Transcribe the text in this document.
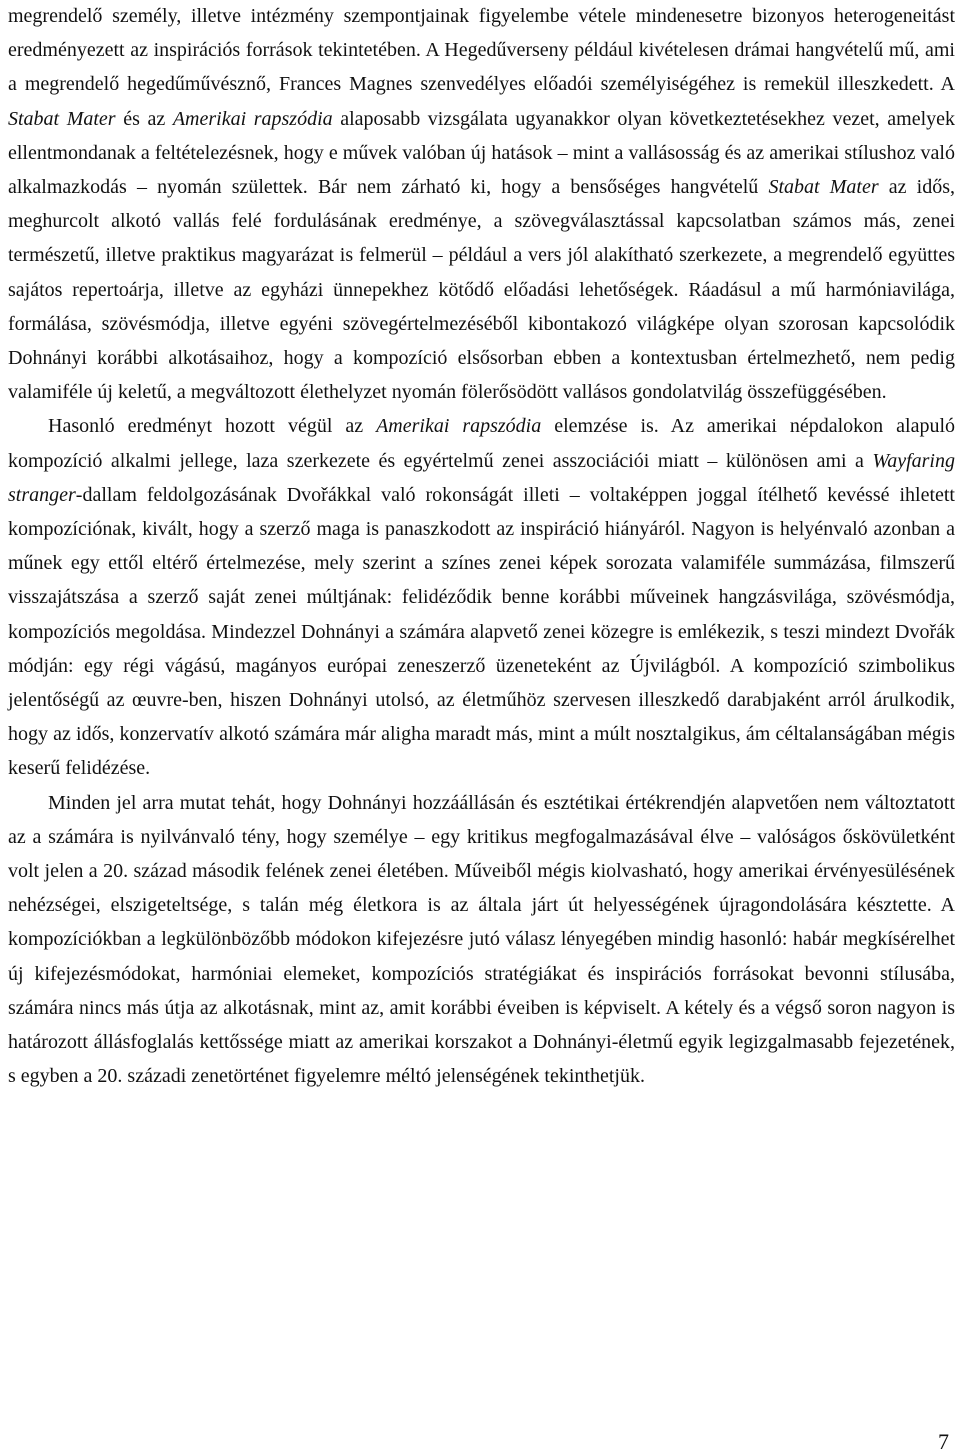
megrendelő személy, illetve intézmény szempontjainak figyelembe vétele mindenesetre bizonyos heterogeneitást eredményezett az inspirációs források tekintetében. A Hegedűverseny például kivételesen drámai hangvételű mű, ami a megrendelő hegedűművésznő, Frances Magnes szenvedélyes előadói személyiségéhez is remekül illeszkedett. A Stabat Mater és az Amerikai rapszódia alaposabb vizsgálata ugyanakkor olyan következtetésekhez vezet, amelyek ellentmondanak a feltételezésnek, hogy e művek valóban új hatások – mint a vallásosság és az amerikai stílushoz való alkalmazkodás – nyomán születtek. Bár nem zárható ki, hogy a bensőséges hangvételű Stabat Mater az idős, meghurcolt alkotó vallás felé fordulásának eredménye, a szövegválasztással kapcsolatban számos más, zenei természetű, illetve praktikus magyarázat is felmerül – például a vers jól alakítható szerkezete, a megrendelő együttes sajátos repertoárja, illetve az egyházi ünnepekhez kötődő előadási lehetőségek. Ráadásul a mű harmóniavilága, formálása, szövésmódja, illetve egyéni szövegértelmezéséből kibontakozó világképe olyan szorosan kapcsolódik Dohnányi korábbi alkotásaihoz, hogy a kompozíció elsősorban ebben a kontextusban értelmezhető, nem pedig valamiféle új keletű, a megváltozott élethelyzet nyomán fölerősödött vallásos gondolatvilág összefüggésében.

Hasonló eredményt hozott végül az Amerikai rapszódia elemzése is. Az amerikai népdalokon alapuló kompozíció alkalmi jellege, laza szerkezete és egyértelmű zenei asszociációi miatt – különösen ami a Wayfaring stranger-dallam feldolgozásának Dvořákkal való rokonságát illeti – voltaképpen joggal ítélhető kevéssé ihletett kompozíciónak, kivált, hogy a szerző maga is panaszkodott az inspiráció hiányáról. Nagyon is helyénvaló azonban a műnek egy ettől eltérő értelmezése, mely szerint a színes zenei képek sorozata valamiféle summázása, filmszerű visszajátszása a szerző saját zenei múltjának: felidéződik benne korábbi műveinek hangzásvilága, szövésmódja, kompozíciós megoldása. Mindezzel Dohnányi a számára alapvető zenei közegre is emlékezik, s teszi mindezt Dvořák módján: egy régi vágású, magányos európai zeneszerző üzeneteként az Újvilágból. A kompozíció szimbolikus jelentőségű az œuvre-ben, hiszen Dohnányi utolsó, az életműhöz szervesen illeszkedő darabjaként arról árulkodik, hogy az idős, konzervatív alkotó számára már aligha maradt más, mint a múlt nosztalgikus, ám céltalanságában mégis keserű felidézése.

Minden jel arra mutat tehát, hogy Dohnányi hozzáállásán és esztétikai értékrendjén alapvetően nem változtatott az a számára is nyilvánvaló tény, hogy személye – egy kritikus megfogalmazásával élve – valóságos őskövületként volt jelen a 20. század második felének zenei életében. Műveiből mégis kiolvasható, hogy amerikai érvényesülésének nehézségei, elszigeteltsége, s talán még életkora is az általa járt út helyességének újragondolására késztette. A kompozíciókban a legkülönbözőbb módokon kifejezésre jutó válasz lényegében mindig hasonló: habár megkísérelhet új kifejezésmódokat, harmóniai elemeket, kompozíciós stratégiákat és inspirációs forrásokat bevonni stílusába, számára nincs más útja az alkotásnak, mint az, amit korábbi éveiben is képviselt. A kétely és a végső soron nagyon is határozott állásfoglalás kettőssége miatt az amerikai korszakot a Dohnányi-életmű egyik legizgalmasabb fejezetének, s egyben a 20. századi zenetörténet figyelemre méltó jelenségének tekinthetjük.

7
